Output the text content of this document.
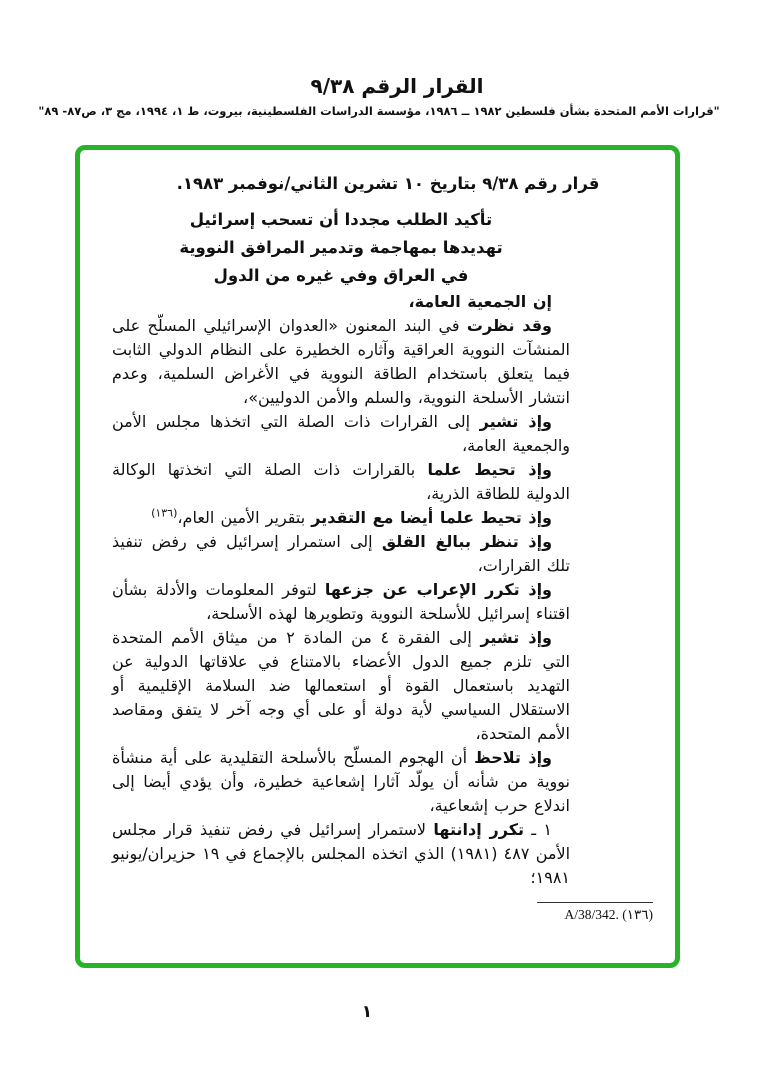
القرار الرقم ٩/٣٨
"قرارات الأمم المتحدة بشأن فلسطين ١٩٨٢ ــ ١٩٨٦، مؤسسة الدراسات الفلسطينية، بيروت، ط ١، ١٩٩٤، مج ٣، ص٨٧- ٨٩"
قرار رقم ٩/٣٨ بتاريخ ١٠ تشرين الثاني/نوفمبر ١٩٨٣.
تأكيد الطلب مجددا أن تسحب إسرائيل
تهديدها بمهاجمة وتدمير المرافق النووية
في العراق وفي غيره من الدول

إن الجمعية العامة،

وقد نظرت في البند المعنون «العدوان الإسرائيلي المسلّح على المنشآت النووية العراقية وآثاره الخطيرة على النظام الدولي الثابت فيما يتعلق باستخدام الطاقة النووية في الأغراض السلمية، وعدم انتشار الأسلحة النووية، والسلم والأمن الدوليين»،

وإذ تشير إلى القرارات ذات الصلة التي اتخذها مجلس الأمن والجمعية العامة،

وإذ تحيط علما بالقرارات ذات الصلة التي اتخذتها الوكالة الدولية للطاقة الذرية،

وإذ تحيط علما أيضا مع التقدير بتقرير الأمين العام،$^{(١٣٦)}$

وإذ تنظر ببالغ القلق إلى استمرار إسرائيل في رفض تنفيذ تلك القرارات،

وإذ تكرر الإعراب عن جزعها لتوفر المعلومات والأدلة بشأن اقتناء إسرائيل للأسلحة النووية وتطويرها لهذه الأسلحة،

وإذ تشير إلى الفقرة ٤ من المادة ٢ من ميثاق الأمم المتحدة التي تلزم جميع الدول الأعضاء بالامتناع في علاقاتها الدولية عن التهديد باستعمال القوة أو استعمالها ضد السلامة الإقليمية أو الاستقلال السياسي لأية دولة أو على أي وجه آخر لا يتفق ومقاصد الأمم المتحدة،

وإذ تلاحظ أن الهجوم المسلّح بالأسلحة التقليدية على أية منشأة نووية من شأنه أن يولّد آثارا إشعاعية خطيرة، وأن يؤدي أيضا إلى اندلاع حرب إشعاعية،

١ ـ تكرر إدانتها لاستمرار إسرائيل في رفض تنفيذ قرار مجلس الأمن ٤٨٧ (١٩٨١) الذي اتخذه المجلس بالإجماع في ١٩ حزيران/يونيو ١٩٨١؛

A/38/342. (١٣٦)
١
